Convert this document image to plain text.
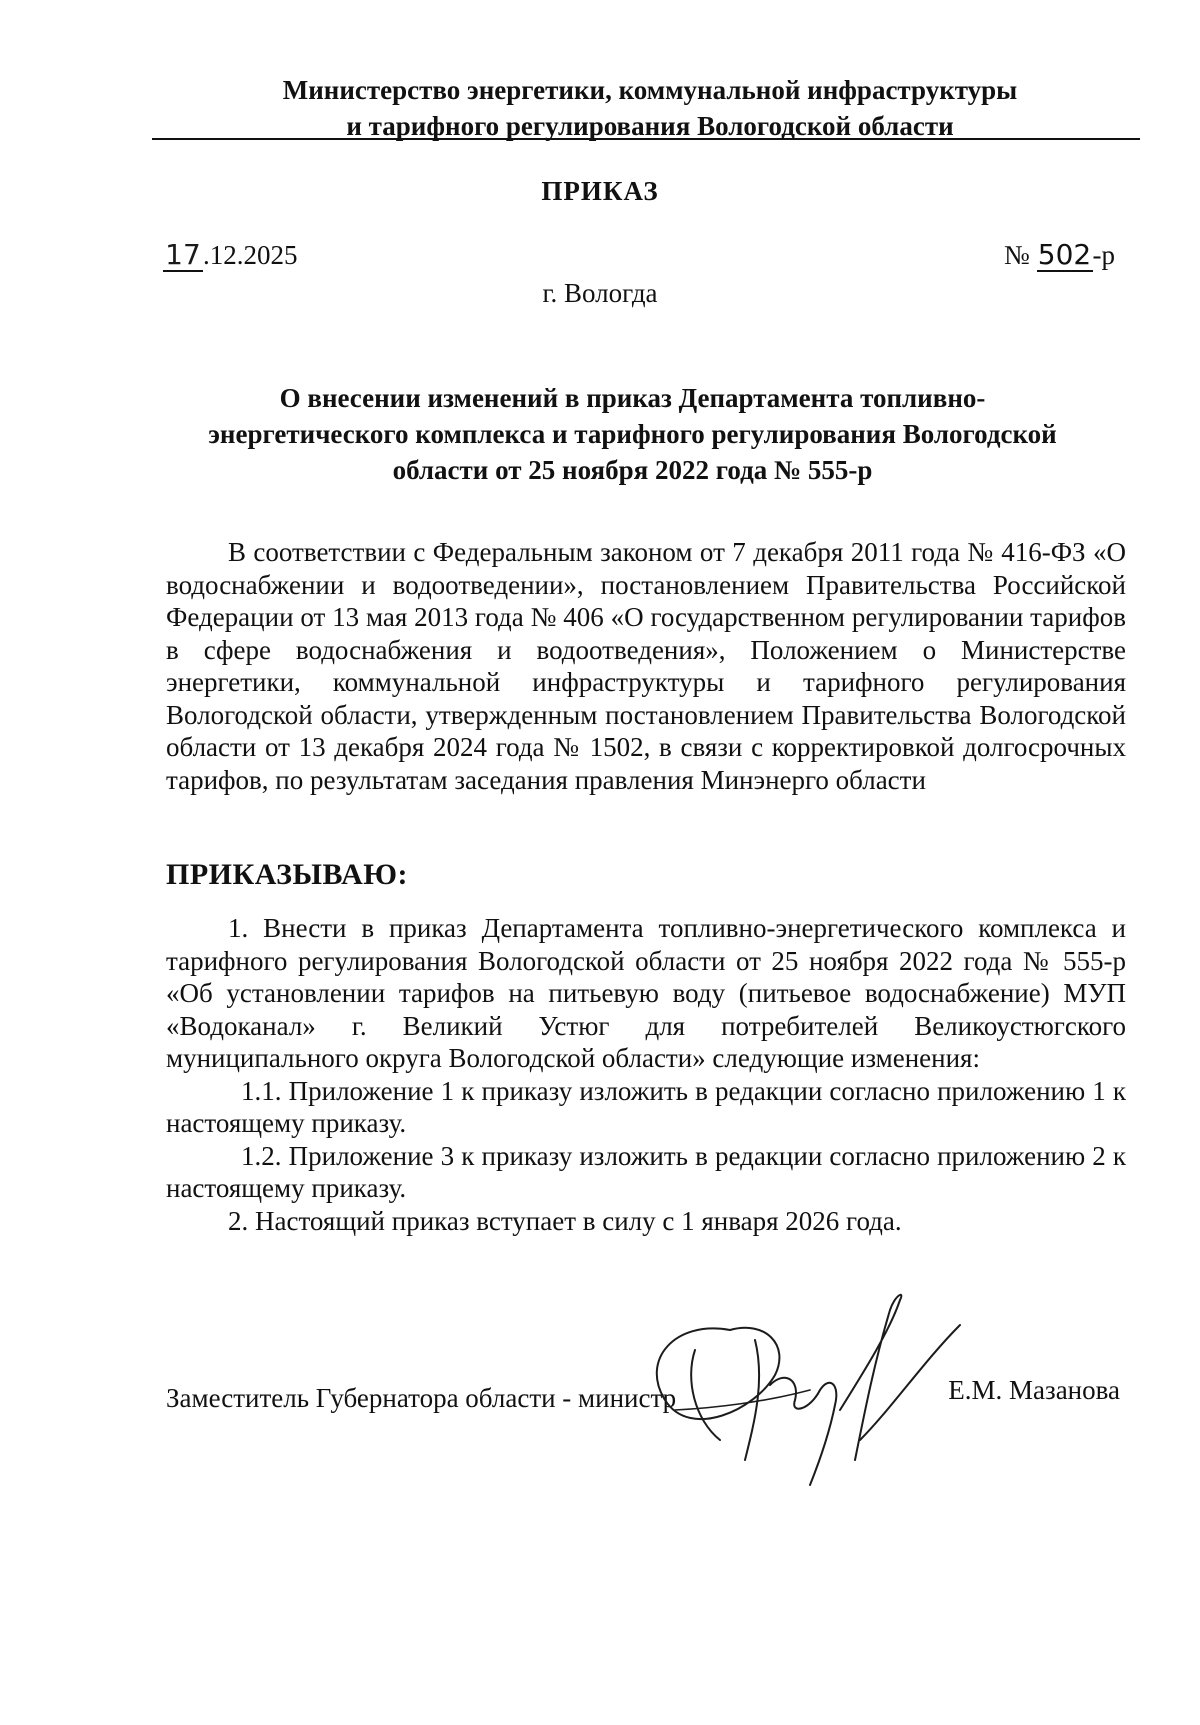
Министерство энергетики, коммунальной инфраструктуры
и тарифного регулирования Вологодской области
ПРИКАЗ
17.12.2025	№ 502-р
г. Вологда
О внесении изменений в приказ Департамента топливно-
энергетического комплекса и тарифного регулирования Вологодской
области от 25 ноября 2022 года № 555-р

В соответствии с Федеральным законом от 7 декабря 2011 года № 416-ФЗ «О водоснабжении и водоотведении», постановлением Правительства Российской Федерации от 13 мая 2013 года № 406 «О государственном регулировании тарифов в сфере водоснабжения и водоотведения», Положением о Министерстве энергетики, коммунальной инфраструктуры и тарифного регулирования Вологодской области, утвержденным постановлением Правительства Вологодской области от 13 декабря 2024 года № 1502, в связи с корректировкой долгосрочных тарифов, по результатам заседания правления Минэнерго области

ПРИКАЗЫВАЮ:

1. Внести в приказ Департамента топливно-энергетического комплекса и тарифного регулирования Вологодской области от 25 ноября 2022 года № 555-р «Об установлении тарифов на питьевую воду (питьевое водоснабжение) МУП «Водоканал» г. Великий Устюг для потребителей Великоустюгского муниципального округа Вологодской области» следующие изменения:

1.1. Приложение 1 к приказу изложить в редакции согласно приложению 1 к настоящему приказу.

1.2. Приложение 3 к приказу изложить в редакции согласно приложению 2 к настоящему приказу.

2. Настоящий приказ вступает в силу с 1 января 2026 года.

Заместитель Губернатора области - министр	Е.М. Мазанова
